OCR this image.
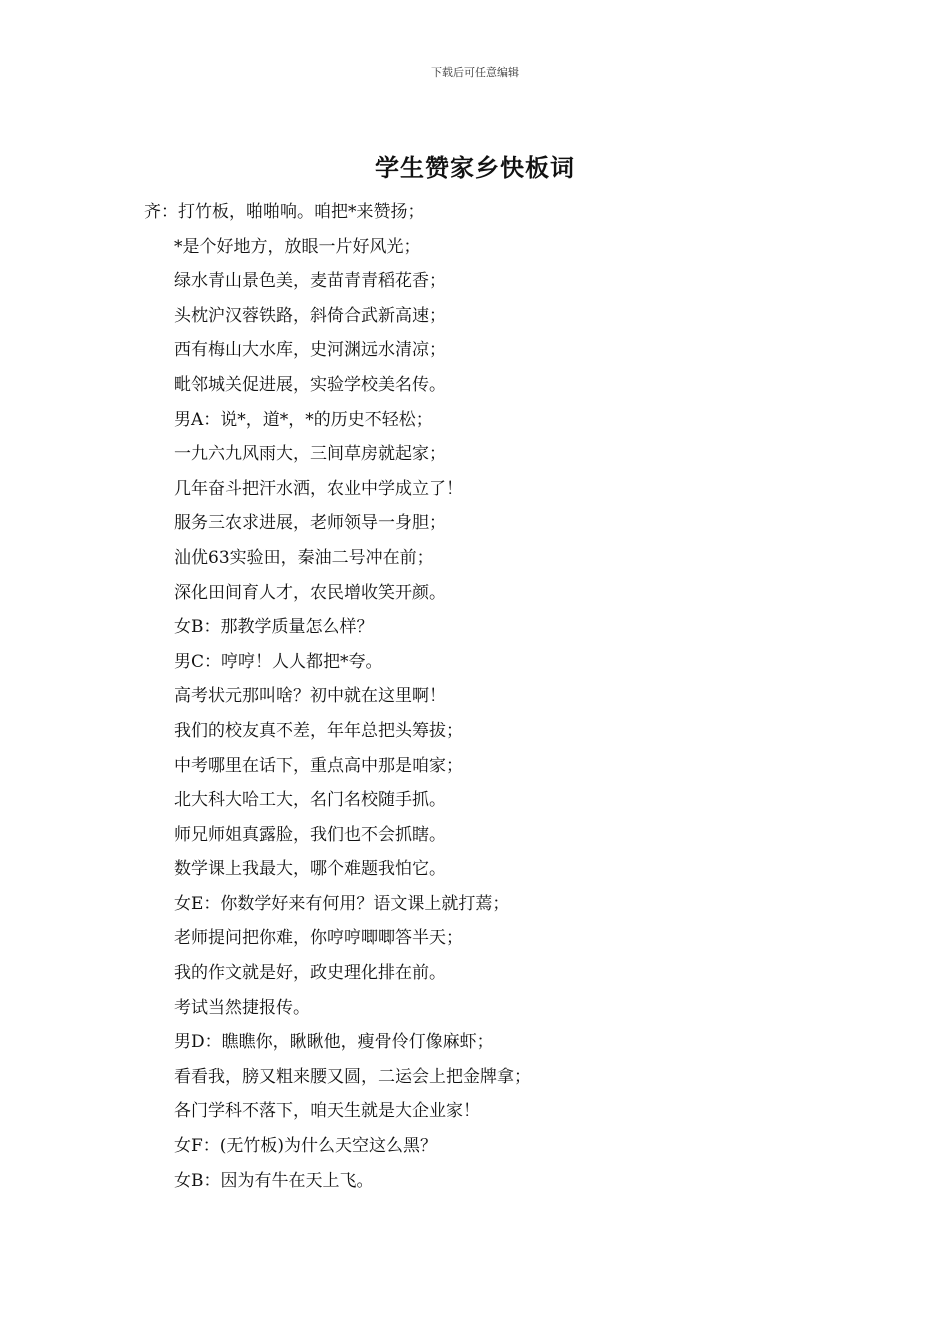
下载后可任意编辑
学生赞家乡快板词
齐：打竹板，啪啪响。咱把*来赞扬；
*是个好地方，放眼一片好风光；
绿水青山景色美，麦苗青青稻花香；
头枕沪汉蓉铁路，斜倚合武新高速；
西有梅山大水库，史河渊远水清凉；
毗邻城关促进展，实验学校美名传。
男A：说*，道*，*的历史不轻松；
一九六九风雨大，三间草房就起家；
几年奋斗把汗水洒，农业中学成立了！
服务三农求进展，老师领导一身胆；
汕优63实验田，秦油二号冲在前；
深化田间育人才，农民增收笑开颜。
女B：那教学质量怎么样？
男C：哼哼！人人都把*夸。
高考状元那叫啥？初中就在这里啊！
我们的校友真不差，年年总把头筹拔；
中考哪里在话下，重点高中那是咱家；
北大科大哈工大，名门名校随手抓。
师兄师姐真露脸，我们也不会抓瞎。
数学课上我最大，哪个难题我怕它。
女E：你数学好来有何用？语文课上就打蔫；
老师提问把你难，你哼哼唧唧答半天；
我的作文就是好，政史理化排在前。
考试当然捷报传。
男D：瞧瞧你，瞅瞅他，瘦骨伶仃像麻虾；
看看我，膀又粗来腰又圆，二运会上把金牌拿；
各门学科不落下，咱天生就是大企业家！
女F：(无竹板)为什么天空这么黑？
女B：因为有牛在天上飞。
